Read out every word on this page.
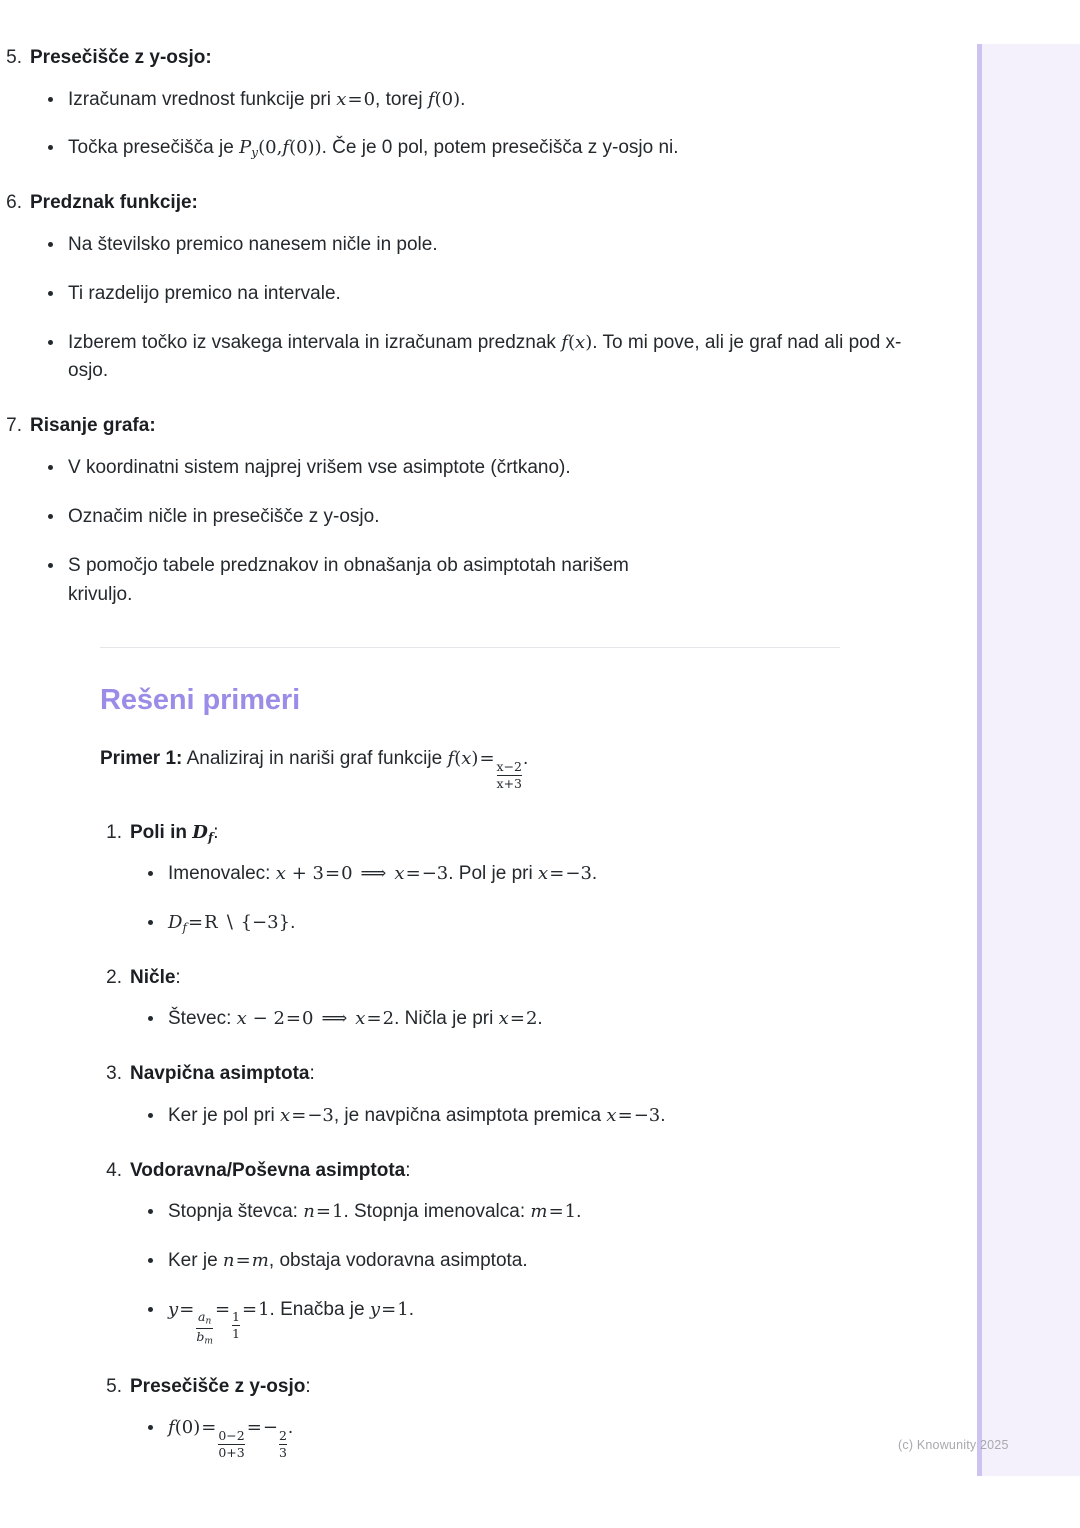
5. Presečišče z y-osjo:
Izračunam vrednost funkcije pri x=0, torej f(0).
Točka presečišča je $P_y(0,f(0))$. Če je 0 pol, potem presečišča z y-osjo ni.
6. Predznak funkcije:
Na številsko premico nanesem ničle in pole.
Ti razdelijo premico na intervale.
Izberem točko iz vsakega intervala in izračunam predznak f(x). To mi pove, ali je graf nad ali pod x-osjo.
7. Risanje grafa:
V koordinatni sistem najprej vrišem vse asimptote (črtkano).
Označim ničle in presečišče z y-osjo.
S pomočjo tabele predznakov in obnašanja ob asimptotah narišem krivuljo.
Rešeni primeri
Primer 1: Analiziraj in nariši graf funkcije f(x)=
$\frac{x-2}{x+3}$
.
1. Poli in $D_f$:
Imenovalec: x + 3=0 ⟹ x=−3. Pol je pri x=−3.
$D_f=R$ ∖ {−3}.
2. Ničle:
Števec: x − 2=0 ⟹ x=2. Ničla je pri x=2.
3. Navpična asimptota:
Ker je pol pri x=−3, je navpična asimptota premica x=−3.
4. Vodoravna/Poševna asimptota:
Stopnja števca: n=1. Stopnja imenovalca: m=1.
Ker je n=m, obstaja vodoravna asimptota.
y=
$\frac{a_n}{b_m}$
=
$\frac{1}{1}$
=1. Enačba je y=1.
5. Presečišče z y-osjo:
f(0)=
$\frac{0-2}{0+3}$
=−
$\frac{2}{3}$
.
(c) Knowunity 2025
